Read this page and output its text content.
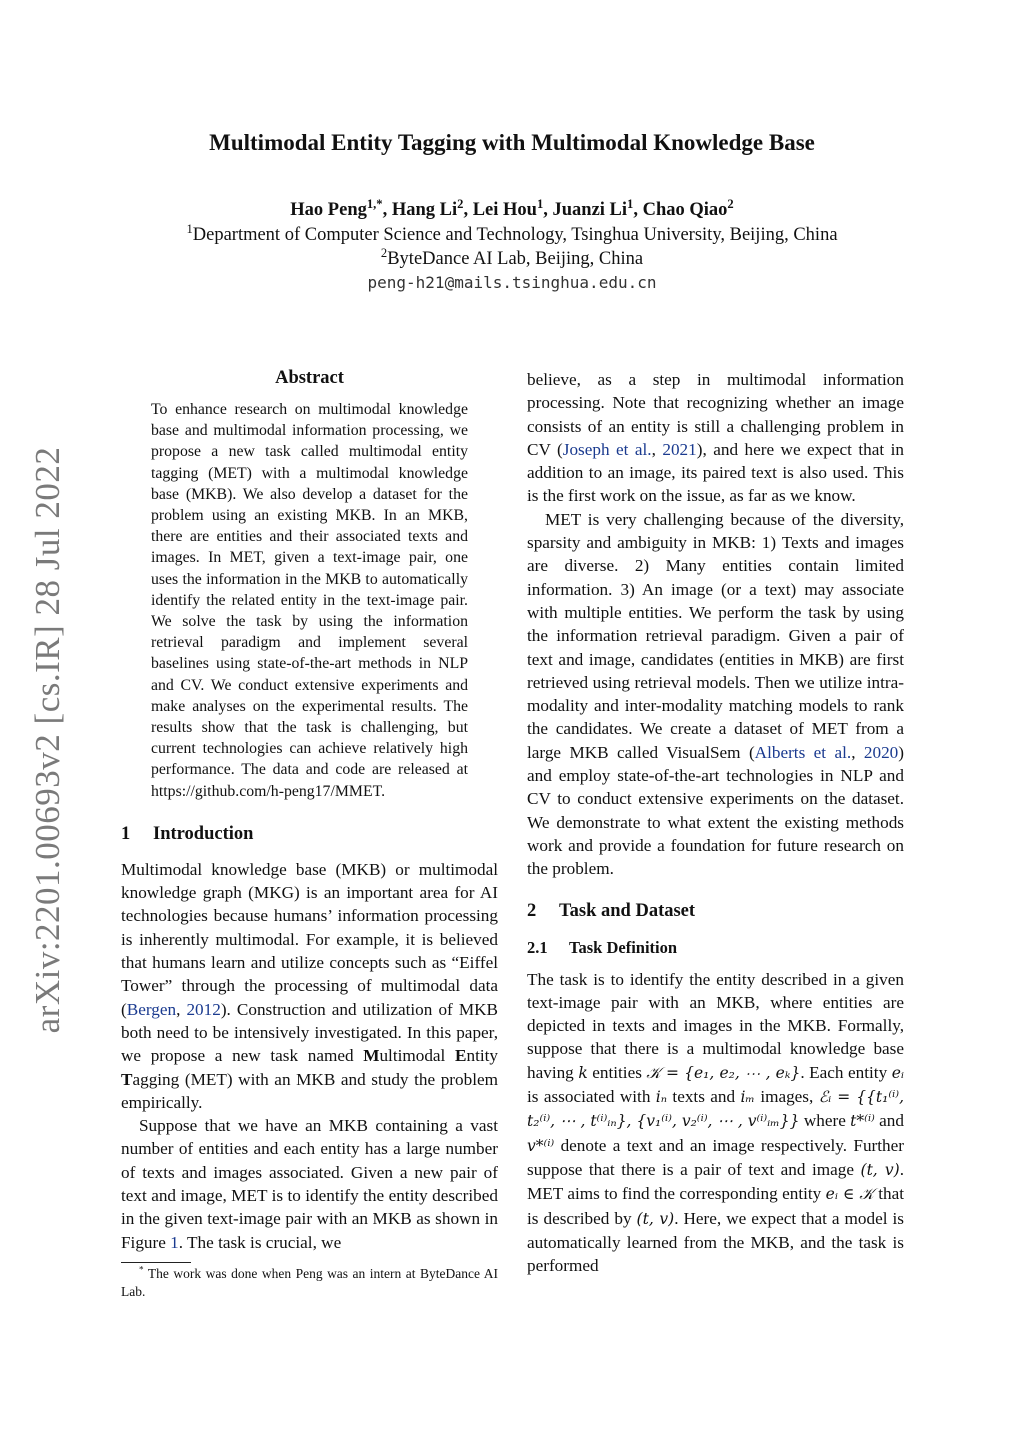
arXiv:2201.00693v2 [cs.IR] 28 Jul 2022
Multimodal Entity Tagging with Multimodal Knowledge Base
Hao Peng$^{1,*}$, Hang Li$^2$, Lei Hou$^1$, Juanzi Li$^1$, Chao Qiao$^2$
$^1$Department of Computer Science and Technology, Tsinghua University, Beijing, China
$^2$ByteDance AI Lab, Beijing, China
peng-h21@mails.tsinghua.edu.cn
Abstract

To enhance research on multimodal knowledge base and multimodal information processing, we propose a new task called multimodal entity tagging (MET) with a multimodal knowledge base (MKB). We also develop a dataset for the problem using an existing MKB. In an MKB, there are entities and their associated texts and images. In MET, given a text-image pair, one uses the information in the MKB to automatically identify the related entity in the text-image pair. We solve the task by using the information retrieval paradigm and implement several baselines using state-of-the-art methods in NLP and CV. We conduct extensive experiments and make analyses on the experimental results. The results show that the task is challenging, but current technologies can achieve relatively high performance. The data and code are released at https://github.com/h-peng17/MMET.

1 Introduction

Multimodal knowledge base (MKB) or multimodal knowledge graph (MKG) is an important area for AI technologies because humans’ information processing is inherently multimodal. For example, it is believed that humans learn and utilize concepts such as “Eiffel Tower” through the processing of multimodal data (Bergen, 2012). Construction and utilization of MKB both need to be intensively investigated. In this paper, we propose a new task named Multimodal Entity Tagging (MET) with an MKB and study the problem empirically.

Suppose that we have an MKB containing a vast number of entities and each entity has a large number of texts and images associated. Given a new pair of text and image, MET is to identify the entity described in the given text-image pair with an MKB as shown in Figure 1. The task is crucial, we

* The work was done when Peng was an intern at ByteDance AI Lab.

believe, as a step in multimodal information processing. Note that recognizing whether an image consists of an entity is still a challenging problem in CV (Joseph et al., 2021), and here we expect that in addition to an image, its paired text is also used. This is the first work on the issue, as far as we know.

MET is very challenging because of the diversity, sparsity and ambiguity in MKB: 1) Texts and images are diverse. 2) Many entities contain limited information. 3) An image (or a text) may associate with multiple entities. We perform the task by using the information retrieval paradigm. Given a pair of text and image, candidates (entities in MKB) are first retrieved using retrieval models. Then we utilize intra-modality and inter-modality matching models to rank the candidates. We create a dataset of MET from a large MKB called VisualSem (Alberts et al., 2020) and employ state-of-the-art technologies in NLP and CV to conduct extensive experiments on the dataset. We demonstrate to what extent the existing methods work and provide a foundation for future research on the problem.

2 Task and Dataset
2.1 Task Definition

The task is to identify the entity described in a given text-image pair with an MKB, where entities are depicted in texts and images in the MKB. Formally, suppose that there is a multimodal knowledge base having k entities 𝒦 = {e₁, e₂, ⋯ , eₖ}. Each entity eᵢ is associated with iₙ texts and iₘ images, ℰᵢ = {{t₁⁽ⁱ⁾, t₂⁽ⁱ⁾, ⋯ , t⁽ⁱ⁾ᵢₙ}, {v₁⁽ⁱ⁾, v₂⁽ⁱ⁾, ⋯ , v⁽ⁱ⁾ᵢₘ}} where t*⁽ⁱ⁾ and v*⁽ⁱ⁾ denote a text and an image respectively. Further suppose that there is a pair of text and image (t, v). MET aims to find the corresponding entity eᵢ ∈ 𝒦 that is described by (t, v). Here, we expect that a model is automatically learned from the MKB, and the task is performed
